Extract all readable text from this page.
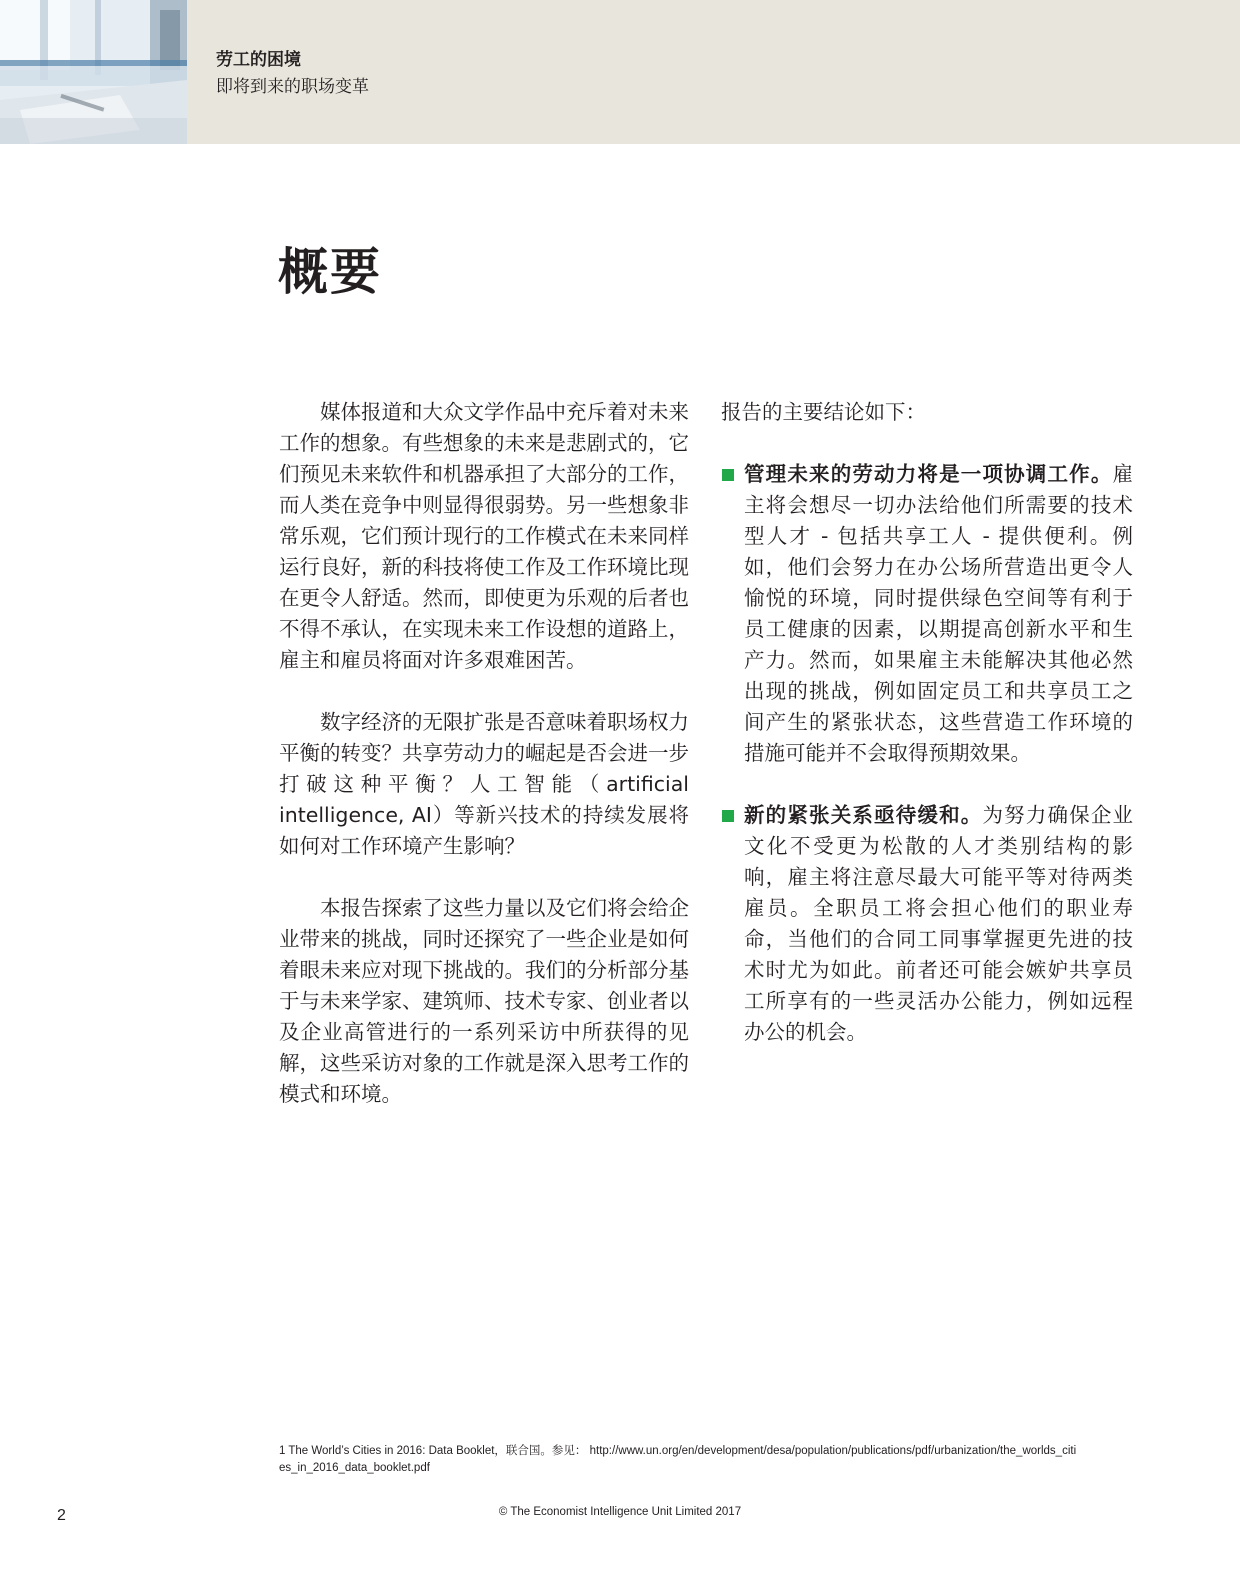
劳工的困境
即将到来的职场变革
概要

媒体报道和大众文学作品中充斥着对未来工作的想象。有些想象的未来是悲剧式的，它们预见未来软件和机器承担了大部分的工作，而人类在竞争中则显得很弱势。另一些想象非常乐观，它们预计现行的工作模式在未来同样运行良好，新的科技将使工作及工作环境比现在更令人舒适。然而，即使更为乐观的后者也不得不承认，在实现未来工作设想的道路上，雇主和雇员将面对许多艰难困苦。

数字经济的无限扩张是否意味着职场权力平衡的转变？共享劳动力的崛起是否会进一步打破这种平衡？人工智能（artificial intelligence, AI）等新兴技术的持续发展将如何对工作环境产生影响？

本报告探索了这些力量以及它们将会给企业带来的挑战，同时还探究了一些企业是如何着眼未来应对现下挑战的。我们的分析部分基于与未来学家、建筑师、技术专家、创业者以及企业高管进行的一系列采访中所获得的见解，这些采访对象的工作就是深入思考工作的模式和环境。

报告的主要结论如下：

管理未来的劳动力将是一项协调工作。雇主将会想尽一切办法给他们所需要的技术型人才 - 包括共享工人 - 提供便利。例如，他们会努力在办公场所营造出更令人愉悦的环境，同时提供绿色空间等有利于员工健康的因素，以期提高创新水平和生产力。然而，如果雇主未能解决其他必然出现的挑战，例如固定员工和共享员工之间产生的紧张状态，这些营造工作环境的措施可能并不会取得预期效果。
新的紧张关系亟待缓和。为努力确保企业文化不受更为松散的人才类别结构的影响，雇主将注意尽最大可能平等对待两类雇员。全职员工将会担心他们的职业寿命，当他们的合同工同事掌握更先进的技术时尤为如此。前者还可能会嫉妒共享员工所享有的一些灵活办公能力，例如远程办公的机会。
1 The World’s Cities in 2016: Data Booklet，联合国。参见： http://www.un.org/en/development/desa/population/publications/pdf/urbanization/the_worlds_cities_in_2016_data_booklet.pdf
2	© The Economist Intelligence Unit Limited 2017
